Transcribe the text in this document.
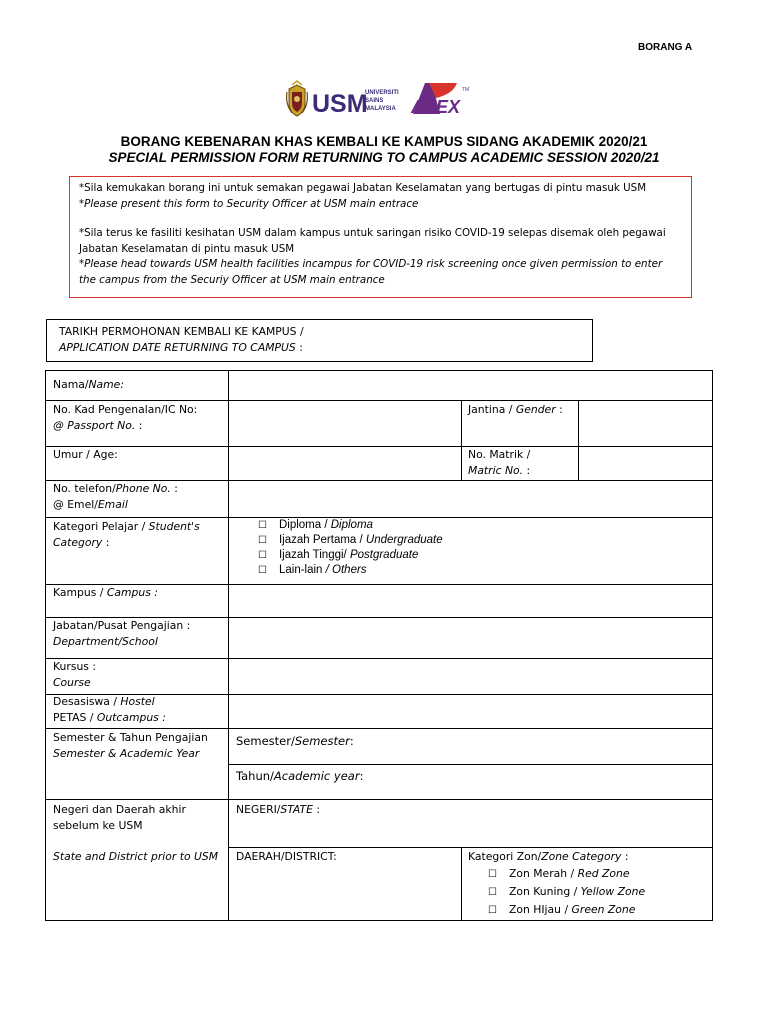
BORANG A
USM
UNIVERSITI
SAINS
MALAYSIA APEX
TM
BORANG KEBENARAN KHAS KEMBALI KE KAMPUS SIDANG AKADEMIK 2020/21
SPECIAL PERMISSION FORM RETURNING TO CAMPUS ACADEMIC SESSION 2020/21

*Sila kemukakan borang ini untuk semakan pegawai Jabatan Keselamatan yang bertugas di pintu masuk USM

*Please present this form to Security Officer at USM main entrace

*Sila terus ke fasiliti kesihatan USM dalam kampus untuk saringan risiko COVID-19 selepas disemak oleh pegawai Jabatan Keselamatan di pintu masuk USM

*Please head towards USM health facilities incampus for COVID-19 risk screening once given permission to enter the campus from the Securiy Officer at USM main entrance

TARIKH PERMOHONAN KEMBALI KE KAMPUS /
APPLICATION DATE RETURNING TO CAMPUS :
Nama/Name:
No. Kad Pengenalan/IC No:
@ Passport No. :
Jantina / Gender :
Umur / Age:	No. Matrik /
Matric No. :
No. telefon/Phone No. :
@ Emel/Email
Kategori Pelajar / Student's
Category :
☐ Diploma / Diploma
☐ Ijazah Pertama / Undergraduate
☐ Ijazah Tinggi/ Postgraduate
☐ Lain-lain / Others
Kampus / Campus :
Jabatan/Pusat Pengajian :
Department/School
Kursus :
Course
Desasiswa / Hostel
PETAS / Outcampus :
Semester & Tahun Pengajian
Semester & Academic Year
Semester/Semester:
Tahun/Academic year:
Negeri dan Daerah akhir sebelum ke USM
State and District prior to USM
NEGERI/STATE :
DAERAH/DISTRICT:	Kategori Zon/Zone Category :
☐ Zon Merah / Red Zone
☐ Zon Kuning / Yellow Zone
☐ Zon HIjau / Green Zone
